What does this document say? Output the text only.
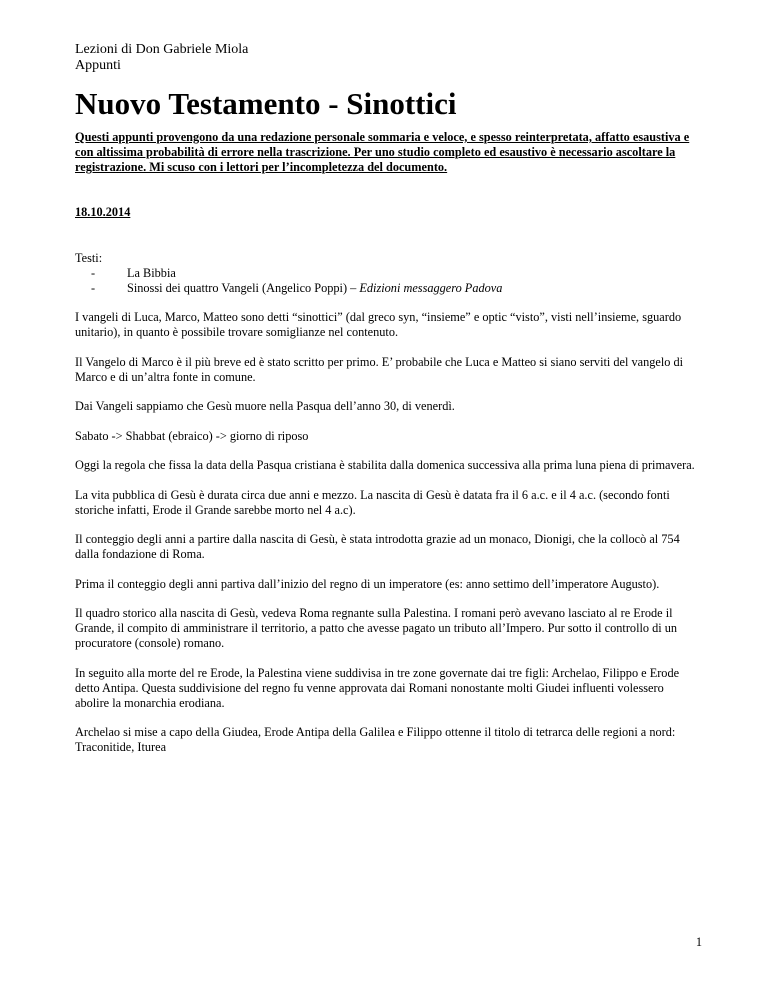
Lezioni di Don Gabriele Miola
Appunti
Nuovo Testamento - Sinottici
Questi appunti provengono da una redazione personale sommaria e veloce, e spesso reinterpretata, affatto esaustiva e con altissima probabilità di errore nella trascrizione. Per uno studio completo ed esaustivo è necessario ascoltare la registrazione. Mi scuso con i lettori per l’incompletezza del documento.
18.10.2014
Testi:
-	La Bibbia
-	Sinossi dei quattro Vangeli (Angelico Poppi) – Edizioni messaggero Padova

I vangeli di Luca, Marco, Matteo sono detti “sinottici” (dal greco syn, “insieme” e optic “visto”, visti nell’insieme, sguardo unitario), in quanto è possibile trovare somiglianze nel contenuto.

Il Vangelo di Marco è il più breve ed è stato scritto per primo. E’ probabile che Luca e Matteo si siano serviti del vangelo di Marco e di un’altra fonte in comune.

Dai Vangeli sappiamo che Gesù muore nella Pasqua dell’anno 30, di venerdì.

Sabato -> Shabbat (ebraico) -> giorno di riposo

Oggi la regola che fissa la data della Pasqua cristiana è stabilita dalla domenica successiva alla prima luna piena di primavera.

La vita pubblica di Gesù è durata circa due anni e mezzo. La nascita di Gesù è datata fra il 6 a.c. e il 4 a.c. (secondo fonti storiche infatti, Erode il Grande sarebbe morto nel 4 a.c).

Il conteggio degli anni a partire dalla nascita di Gesù, è stata introdotta grazie ad un monaco, Dionigi, che la collocò al 754 dalla fondazione di Roma.

Prima il conteggio degli anni partiva dall’inizio del regno di un imperatore (es: anno settimo dell’imperatore Augusto).

Il quadro storico alla nascita di Gesù, vedeva Roma regnante sulla Palestina. I romani però avevano lasciato al re Erode il Grande, il compito di amministrare il territorio, a patto che avesse pagato un tributo all’Impero. Pur sotto il controllo di un procuratore (console) romano.

In seguito alla morte del re Erode, la Palestina viene suddivisa in tre zone governate dai tre figli: Archelao, Filippo e Erode detto Antipa. Questa suddivisione del regno fu venne approvata dai Romani nonostante molti Giudei influenti volessero abolire la monarchia erodiana.

Archelao si mise a capo della Giudea, Erode Antipa della Galilea e Filippo ottenne il titolo di tetrarca delle regioni a nord: Traconitide, Iturea

1
